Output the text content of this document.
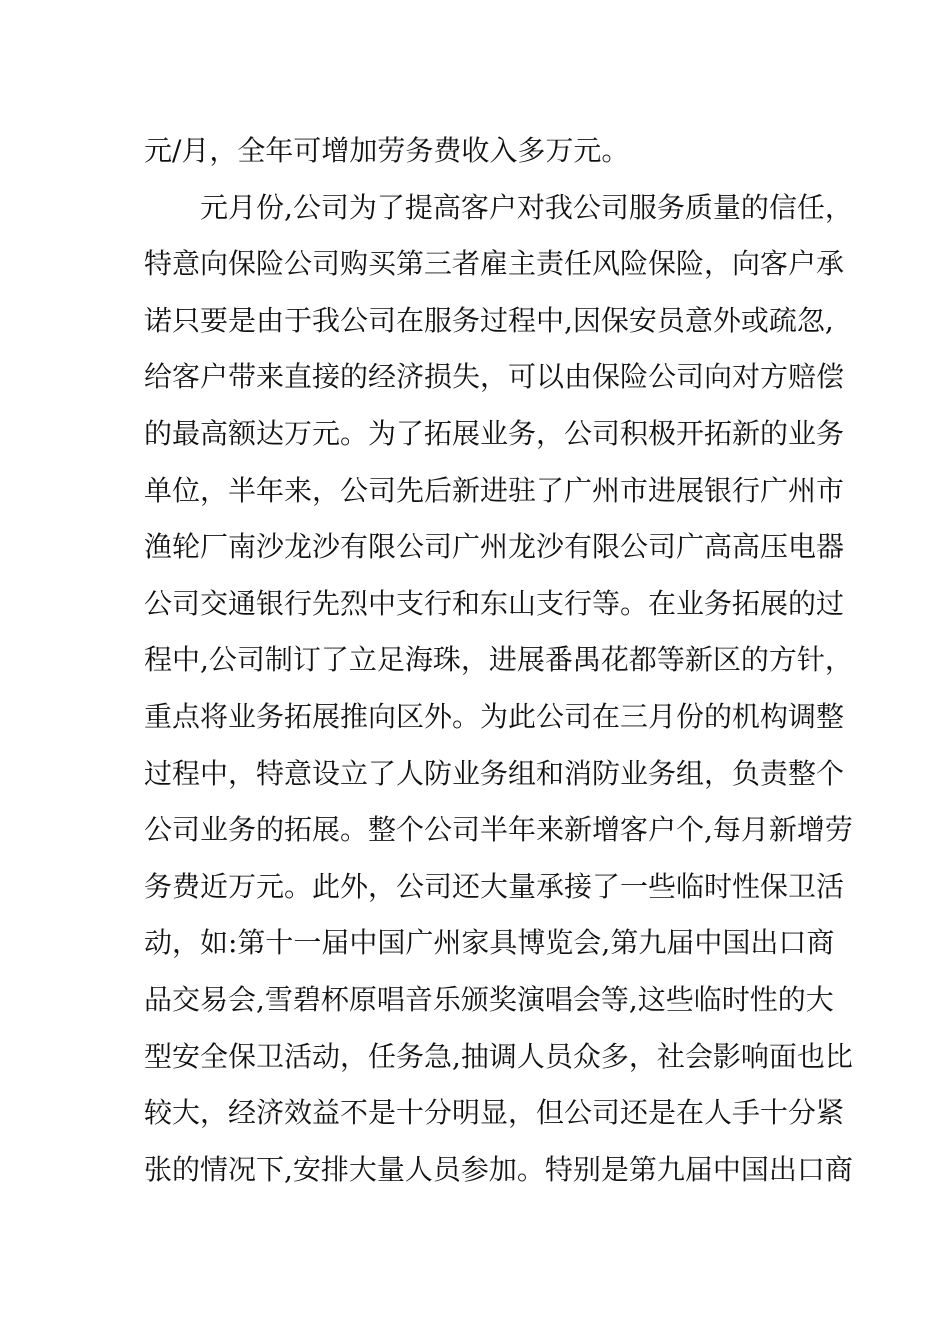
元/月，全年可增加劳务费收入多万元。
元月份,公司为了提高客户对我公司服务质量的信任，
特意向保险公司购买第三者雇主责任风险保险，向客户承
诺只要是由于我公司在服务过程中,因保安员意外或疏忽,
给客户带来直接的经济损失，可以由保险公司向对方赔偿
的最高额达万元。为了拓展业务，公司积极开拓新的业务
单位，半年来，公司先后新进驻了广州市进展银行广州市
渔轮厂南沙龙沙有限公司广州龙沙有限公司广高高压电器
公司交通银行先烈中支行和东山支行等。在业务拓展的过
程中,公司制订了立足海珠，进展番禺花都等新区的方针，
重点将业务拓展推向区外。为此公司在三月份的机构调整
过程中，特意设立了人防业务组和消防业务组，负责整个
公司业务的拓展。整个公司半年来新增客户个,每月新增劳
务费近万元。此外，公司还大量承接了一些临时性保卫活
动，如:第十一届中国广州家具博览会,第九届中国出口商
品交易会,雪碧杯原唱音乐颁奖演唱会等,这些临时性的大
型安全保卫活动，任务急,抽调人员众多，社会影响面也比
较大，经济效益不是十分明显，但公司还是在人手十分紧
张的情况下,安排大量人员参加。特别是第九届中国出口商
